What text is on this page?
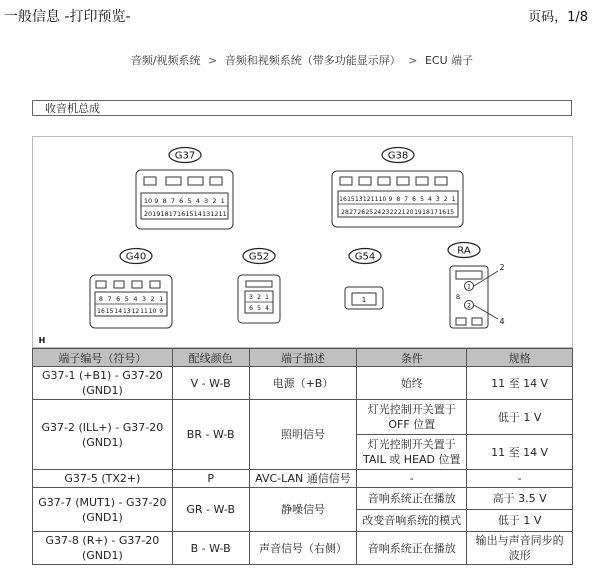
一般信息 -打印预览-	页码，1/8
音频/视频系统 > 音频和视频系统（带多功能显示屏） > ECU 端子
收音机总成
G37
10 9 8 7 6 5 4 3 2 1
20 19 18 17 16 15 14 13 12 11
G38
16 15 13 12 11 10 9 8 7 6 5 4 3 2 1
28 27 26 25 24 23 22 21 20 19 18 17 16 15
G40
8 7 6 5 4 3 2 1
16 15 14 13 12 11 10 9
G52
3 2 1
6 5 4
G54
1
RA
1
2
B
2
4
H
端子编号（符号）	配线颜色	端子描述	条件	规格
G37-1 (+B1) - G37-20 (GND1)	V - W-B	电源（+B）	始终	11 至 14 V
G37-2 (ILL+) - G37-20 (GND1)	BR - W-B	照明信号	灯光控制开关置于 OFF 位置	低于 1 V
			灯光控制开关置于 TAIL 或 HEAD 位置	11 至 14 V
G37-5 (TX2+)	P	AVC-LAN 通信信号	-	-
G37-7 (MUT1) - G37-20 (GND1)	GR - W-B	静噪信号	音响系统正在播放	高于 3.5 V
			改变音响系统的模式	低于 1 V
G37-8 (R+) - G37-20 (GND1)	B - W-B	声音信号（右侧）	音响系统正在播放	输出与声音同步的波形
